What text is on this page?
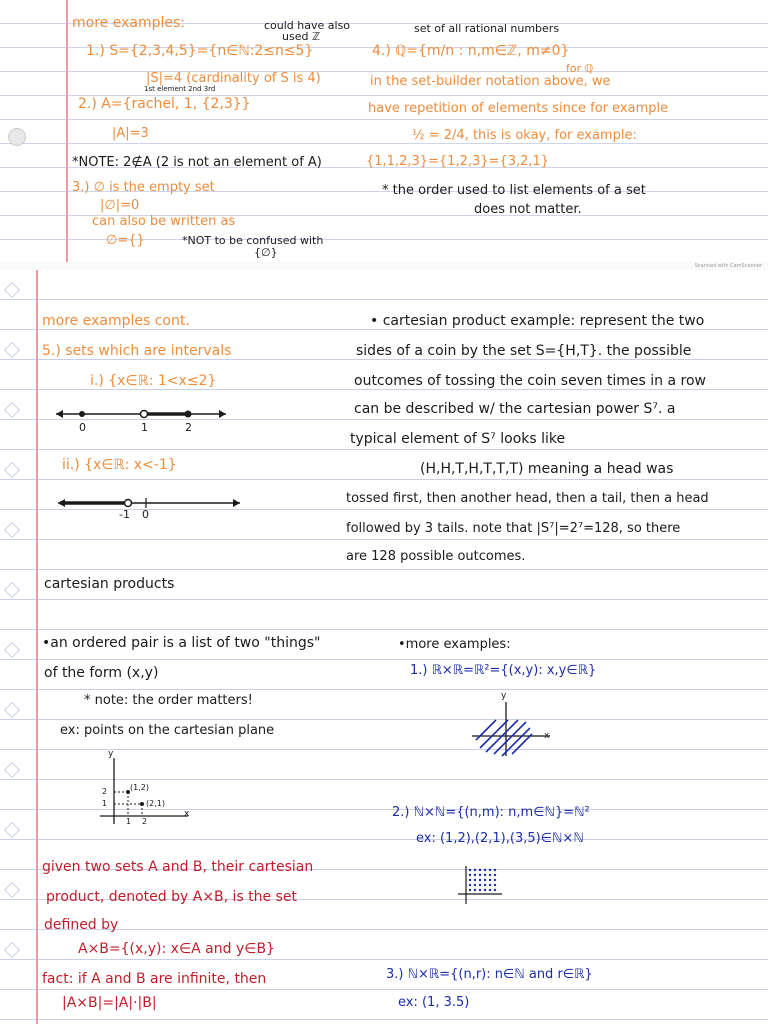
more examples:	could have also
used ℤ
1.) S={2,3,4,5}={n∈ℕ:2≤n≤5}
|S|=4 (cardinality of S is 4)
1st element 2nd 3rd
2.) A={rachel, 1, {2,3}}
|A|=3
*NOTE: 2∉A (2 is not an element of A)
3.) ∅ is the empty set
|∅|=0
can also be written as
∅={}	*NOT to be confused with
{∅}
set of all rational numbers
4.) ℚ={m/n : n,m∈ℤ, m≠0}
for ℚ
in the set-builder notation above, we
have repetition of elements since for example
½ = 2/4, this is okay, for example:
{1,1,2,3}={1,2,3}={3,2,1}
* the order used to list elements of a set
does not matter.
Scanned with CamScanner
more examples cont.
5.) sets which are intervals
i.) {x∈ℝ: 1<x≤2}
0	1	2
ii.) {x∈ℝ: x<-1}
-1 0
cartesian products
•an ordered pair is a list of two "things"
of the form (x,y)
* note: the order matters!
ex: points on the cartesian plane
y
x
(1,2)
(2,1)
2
1
1 2
given two sets A and B, their cartesian
product, denoted by A×B, is the set
defined by
A×B={(x,y): x∈A and y∈B}
fact: if A and B are infinite, then
|A×B|=|A|·|B|
• cartesian product example: represent the two
sides of a coin by the set S={H,T}. the possible
outcomes of tossing the coin seven times in a row
can be described w/ the cartesian power S⁷. a
typical element of S⁷ looks like
(H,H,T,H,T,T,T) meaning a head was
tossed first, then another head, then a tail, then a head
followed by 3 tails. note that |S⁷|=2⁷=128, so there
are 128 possible outcomes.
•more examples:
1.) ℝ×ℝ=ℝ²={(x,y): x,y∈ℝ}
y
x
2.) ℕ×ℕ={(n,m): n,m∈ℕ}=ℕ²
ex: (1,2),(2,1),(3,5)∈ℕ×ℕ
3.) ℕ×ℝ={(n,r): n∈ℕ and r∈ℝ}
ex: (1, 3.5)
